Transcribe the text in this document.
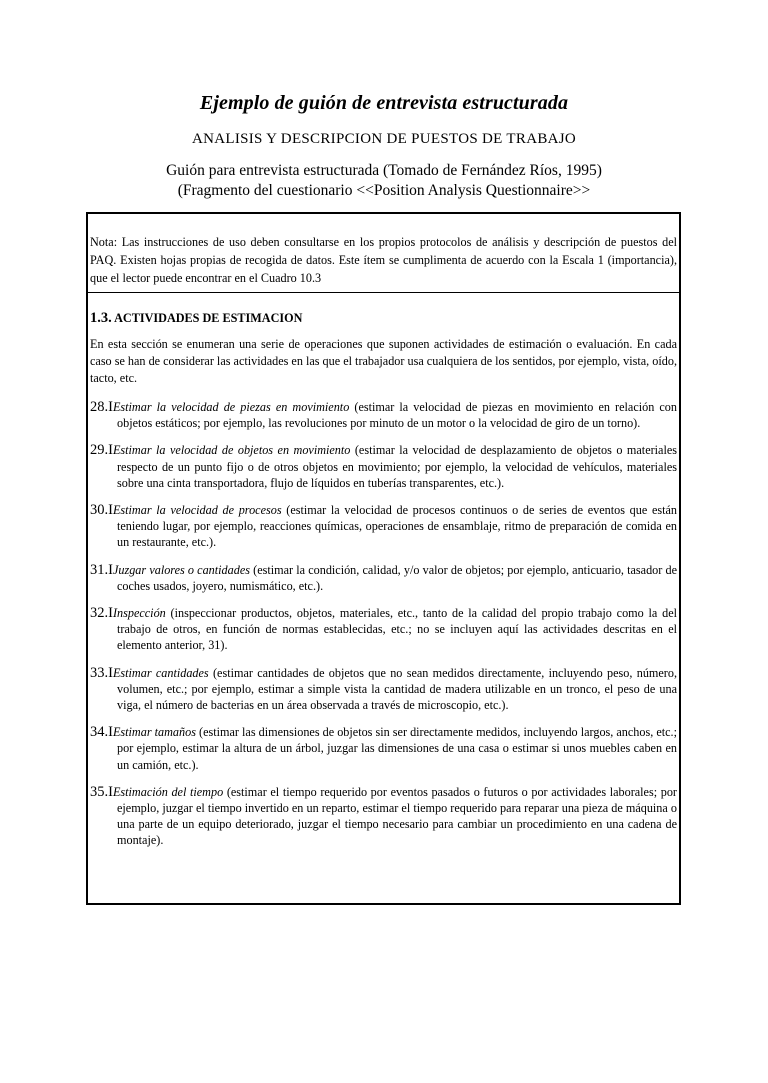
Ejemplo de guión de entrevista estructurada
ANALISIS Y DESCRIPCION DE PUESTOS DE TRABAJO
Guión para entrevista estructurada (Tomado de Fernández Ríos, 1995)
(Fragmento del cuestionario <<Position Analysis Questionnaire>>
Nota: Las instrucciones de uso deben consultarse en los propios protocolos de análisis y descripción de puestos del PAQ. Existen hojas propias de recogida de datos. Este ítem se cumplimenta de acuerdo con la Escala 1 (importancia), que el lector puede encontrar en el Cuadro 10.3
1.3. ACTIVIDADES DE ESTIMACION
En esta sección se enumeran una serie de operaciones que suponen actividades de estimación o evaluación. En cada caso se han de considerar las actividades en las que el trabajador usa cualquiera de los sentidos, por ejemplo, vista, oído, tacto, etc.
28.IEstimar la velocidad de piezas en movimiento (estimar la velocidad de piezas en movimiento en relación con objetos estáticos; por ejemplo, las revoluciones por minuto de un motor o la velocidad de giro de un torno).
29.IEstimar la velocidad de objetos en movimiento (estimar la velocidad de desplazamiento de objetos o materiales respecto de un punto fijo o de otros objetos en movimiento; por ejemplo, la velocidad de vehículos, materiales sobre una cinta transportadora, flujo de líquidos en tuberías transparentes, etc.).
30.IEstimar la velocidad de procesos (estimar la velocidad de procesos continuos o de series de eventos que están teniendo lugar, por ejemplo, reacciones químicas, operaciones de ensamblaje, ritmo de preparación de comida en un restaurante, etc.).
31.IJuzgar valores o cantidades (estimar la condición, calidad, y/o valor de objetos; por ejemplo, anticuario, tasador de coches usados, joyero, numismático, etc.).
32.IInspección (inspeccionar productos, objetos, materiales, etc., tanto de la calidad del propio trabajo como la del trabajo de otros, en función de normas establecidas, etc.; no se incluyen aquí las actividades descritas en el elemento anterior, 31).
33.IEstimar cantidades (estimar cantidades de objetos que no sean medidos directamente, incluyendo peso, número, volumen, etc.; por ejemplo, estimar a simple vista la cantidad de madera utilizable en un tronco, el peso de una viga, el número de bacterias en un área observada a través de microscopio, etc.).
34.IEstimar tamaños (estimar las dimensiones de objetos sin ser directamente medidos, incluyendo largos, anchos, etc.; por ejemplo, estimar la altura de un árbol, juzgar las dimensiones de una casa o estimar si unos muebles caben en un camión, etc.).
35.IEstimación del tiempo (estimar el tiempo requerido por eventos pasados o futuros o por actividades laborales; por ejemplo, juzgar el tiempo invertido en un reparto, estimar el tiempo requerido para reparar una pieza de máquina o una parte de un equipo deteriorado, juzgar el tiempo necesario para cambiar un procedimiento en una cadena de montaje).
